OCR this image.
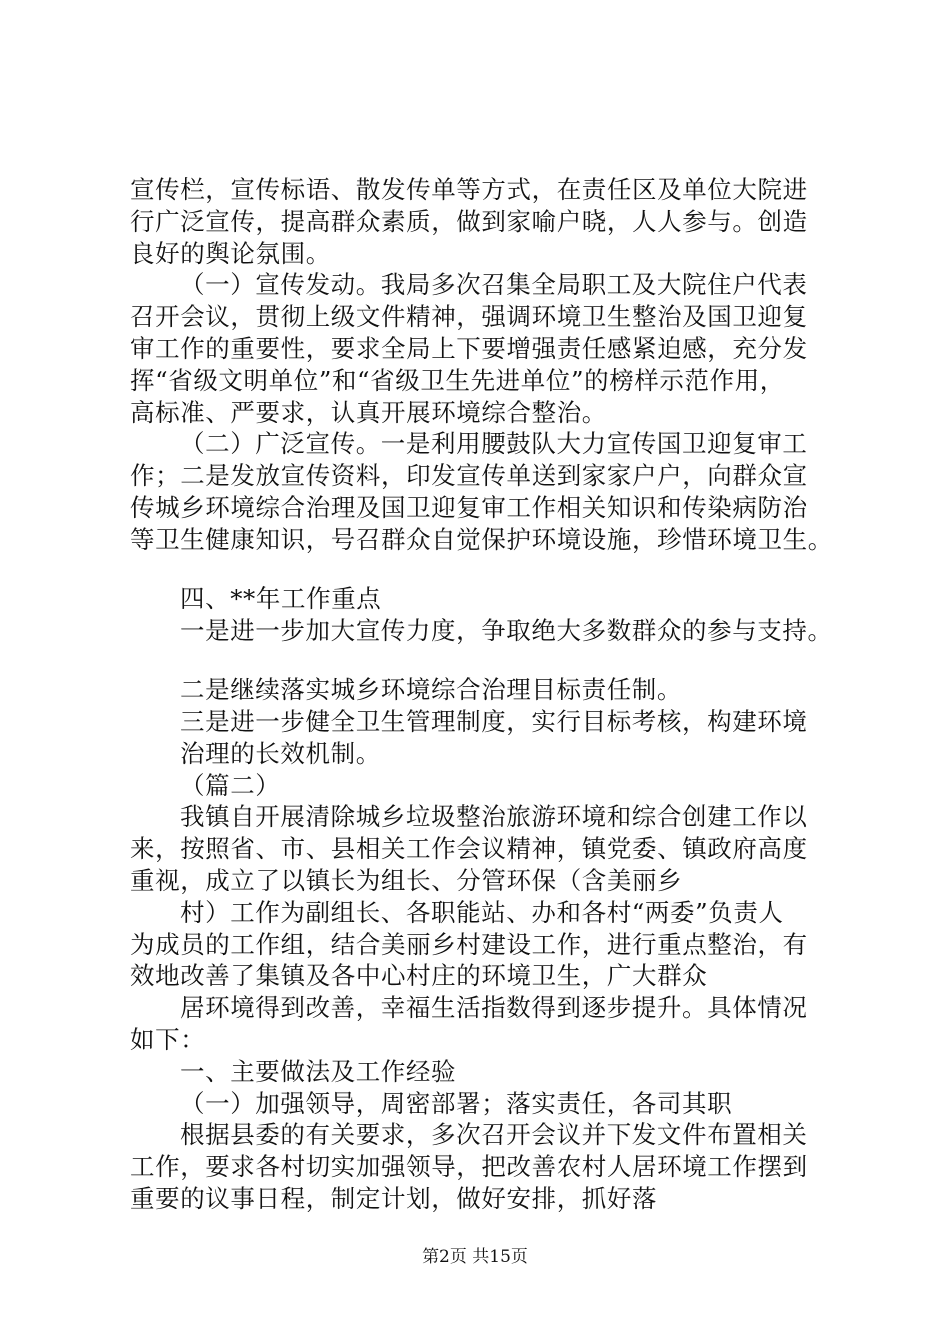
宣传栏，宣传标语、散发传单等方式，在责任区及单位大院进
行广泛宣传，提高群众素质，做到家喻户晓，人人参与。创造
良好的舆论氛围。
（一）宣传发动。我局多次召集全局职工及大院住户代表
召开会议，贯彻上级文件精神，强调环境卫生整治及国卫迎复
审工作的重要性，要求全局上下要增强责任感紧迫感，充分发
挥“省级文明单位”和“省级卫生先进单位”的榜样示范作用，
高标准、严要求，认真开展环境综合整治。
（二）广泛宣传。一是利用腰鼓队大力宣传国卫迎复审工
作；二是发放宣传资料，印发宣传单送到家家户户，向群众宣
传城乡环境综合治理及国卫迎复审工作相关知识和传染病防治
等卫生健康知识，号召群众自觉保护环境设施，珍惜环境卫生。
四、**年工作重点
一是进一步加大宣传力度，争取绝大多数群众的参与支持。
二是继续落实城乡环境综合治理目标责任制。
三是进一步健全卫生管理制度，实行目标考核，构建环境
治理的长效机制。
（篇二）
我镇自开展清除城乡垃圾整治旅游环境和综合创建工作以
来，按照省、市、县相关工作会议精神，镇党委、镇政府高度
重视，成立了以镇长为组长、分管环保（含美丽乡
村）工作为副组长、各职能站、办和各村“两委”负责人
为成员的工作组，结合美丽乡村建设工作，进行重点整治，有
效地改善了集镇及各中心村庄的环境卫生，广大群众
居环境得到改善，幸福生活指数得到逐步提升。具体情况
如下：
一、主要做法及工作经验
（一）加强领导，周密部署；落实责任，各司其职
根据县委的有关要求，多次召开会议并下发文件布置相关
工作，要求各村切实加强领导，把改善农村人居环境工作摆到
重要的议事日程，制定计划，做好安排，抓好落
第2页 共15页
